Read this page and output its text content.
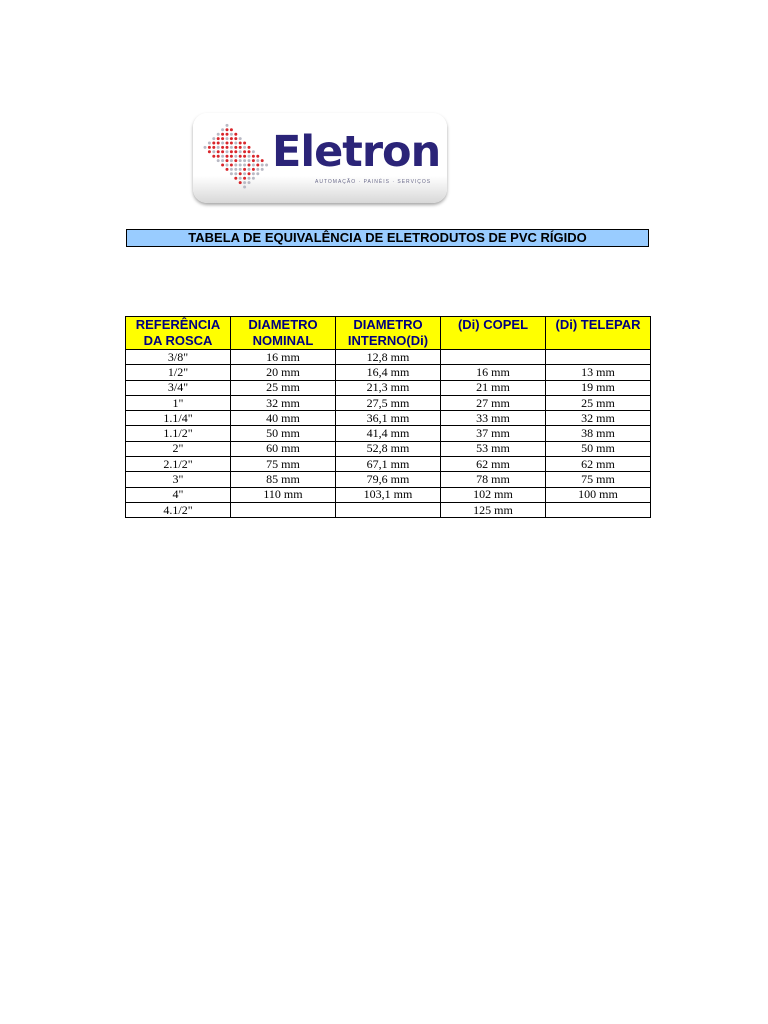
Eletron
AUTOMAÇÃO · PAINÉIS · SERVIÇOS
TABELA DE EQUIVALÊNCIA DE ELETRODUTOS DE PVC RÍGIDO
REFERÊNCIA DA ROSCA	DIAMETRO NOMINAL	DIAMETRO INTERNO(Di)	(Di) COPEL	(Di) TELEPAR
3/8"	16 mm	12,8 mm		
1/2"	20 mm	16,4 mm	16 mm	13 mm
3/4"	25 mm	21,3 mm	21 mm	19 mm
1"	32 mm	27,5 mm	27 mm	25 mm
1.1/4"	40 mm	36,1 mm	33 mm	32 mm
1.1/2"	50 mm	41,4 mm	37 mm	38 mm
2"	60 mm	52,8 mm	53 mm	50 mm
2.1/2"	75 mm	67,1 mm	62 mm	62 mm
3"	85 mm	79,6 mm	78 mm	75 mm
4"	110 mm	103,1 mm	102 mm	100 mm
4.1/2"			125 mm	
